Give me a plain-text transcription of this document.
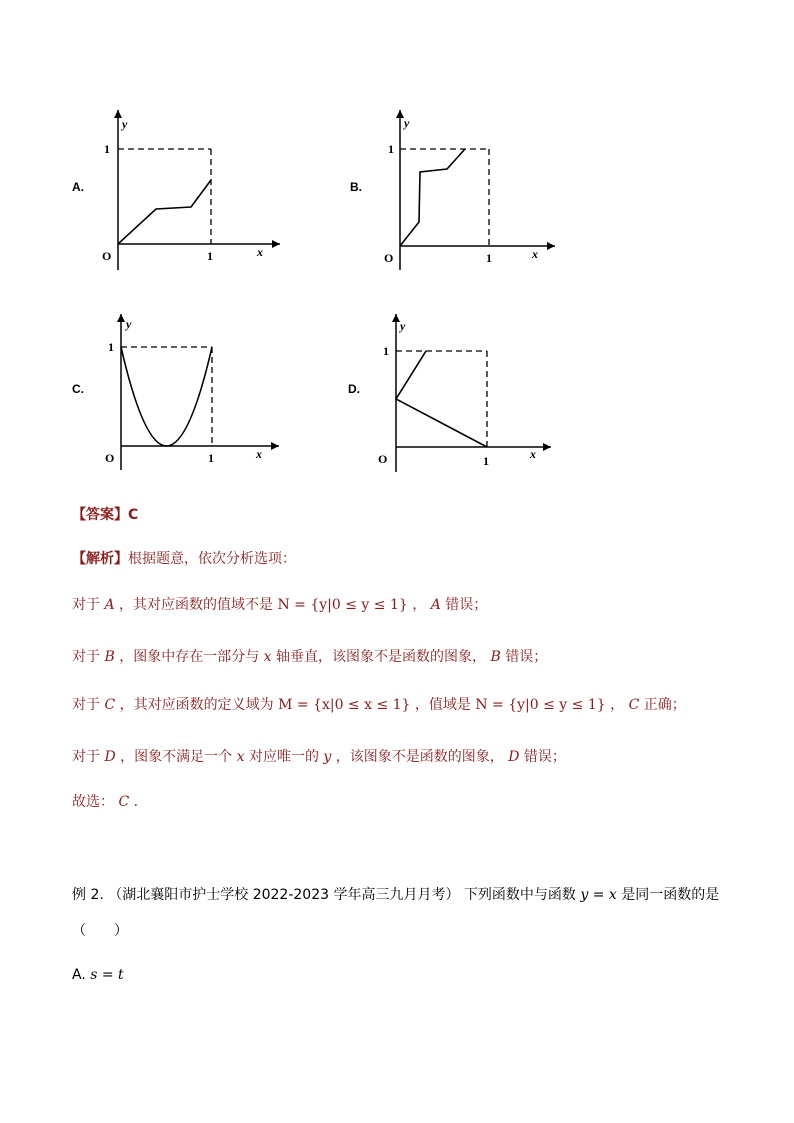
A.
y
x
O
1
1
B.
y
x
O
1
1
C.
y
x
O
1
1
D.
y
x
O
1
1
【答案】C
【解析】根据题意，依次分析选项：
对于 A ，其对应函数的值域不是 N = {y|0 ≤ y ≤ 1} ， A 错误；
对于 B ，图象中存在一部分与 x 轴垂直，该图象不是函数的图象， B 错误；
对于 C ，其对应函数的定义域为 M = {x|0 ≤ x ≤ 1} ，值域是 N = {y|0 ≤ y ≤ 1} ， C 正确；
对于 D ，图象不满足一个 x 对应唯一的 y ，该图象不是函数的图象， D 错误；
故选： C ．
例 2. （湖北襄阳市护士学校 2022-2023 学年高三九月月考） 下列函数中与函数 y = x 是同一函数的是
（　　）
A. s = t
